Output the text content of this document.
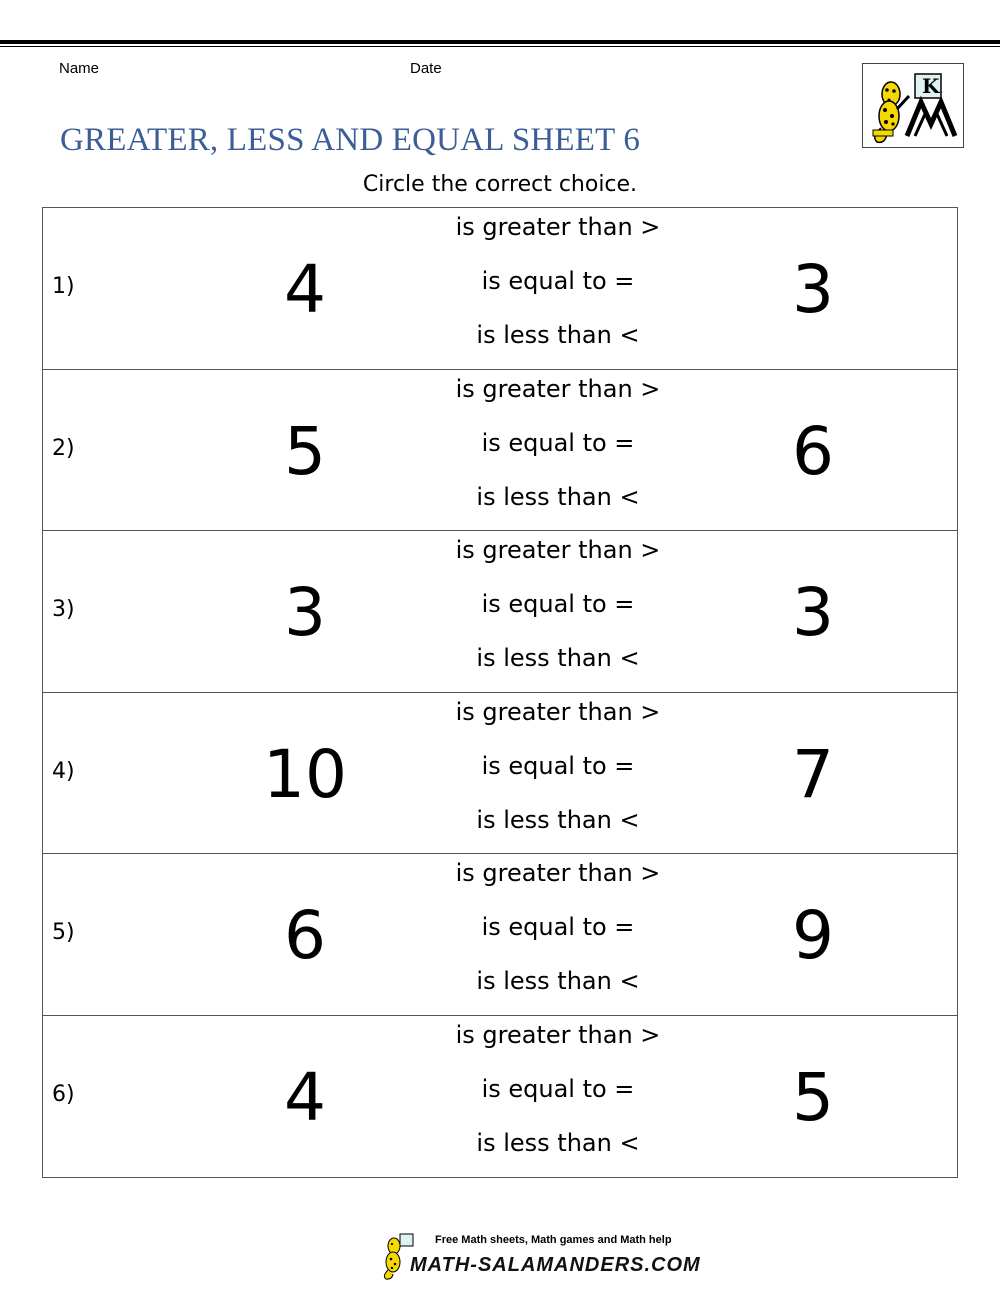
Name	Date
K
GREATER, LESS AND EQUAL SHEET 6
Circle the correct choice.
1)	4
is greater than >
is equal to =
is less than <
3
2)	5
is greater than >
is equal to =
is less than <
6
3)	3
is greater than >
is equal to =
is less than <
3
4)	10
is greater than >
is equal to =
is less than <
7
5)	6
is greater than >
is equal to =
is less than <
9
6)	4
is greater than >
is equal to =
is less than <
5
Free Math sheets, Math games and Math help
MATH-SALAMANDERS.COM
